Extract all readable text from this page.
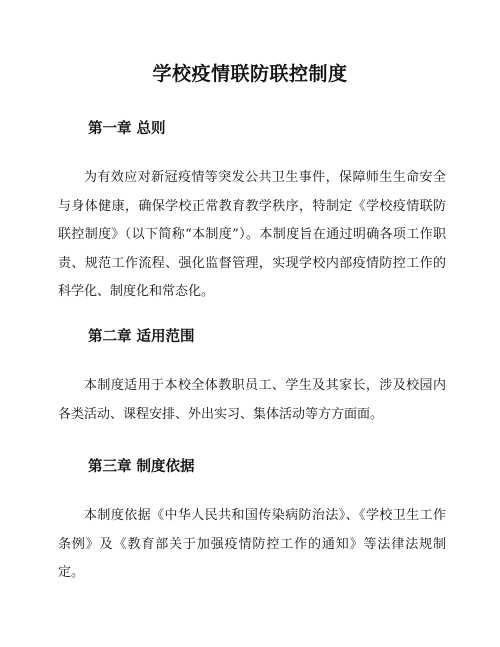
学校疫情联防联控制度
第一章 总则

为有效应对新冠疫情等突发公共卫生事件，保障师生生命安全与身体健康，确保学校正常教育教学秩序，特制定《学校疫情联防联控制度》（以下简称“本制度”）。本制度旨在通过明确各项工作职责、规范工作流程、强化监督管理，实现学校内部疫情防控工作的科学化、制度化和常态化。

第二章 适用范围

本制度适用于本校全体教职员工、学生及其家长，涉及校园内各类活动、课程安排、外出实习、集体活动等方方面面。

第三章 制度依据

本制度依据《中华人民共和国传染病防治法》、《学校卫生工作条例》及《教育部关于加强疫情防控工作的通知》等法律法规制定。
